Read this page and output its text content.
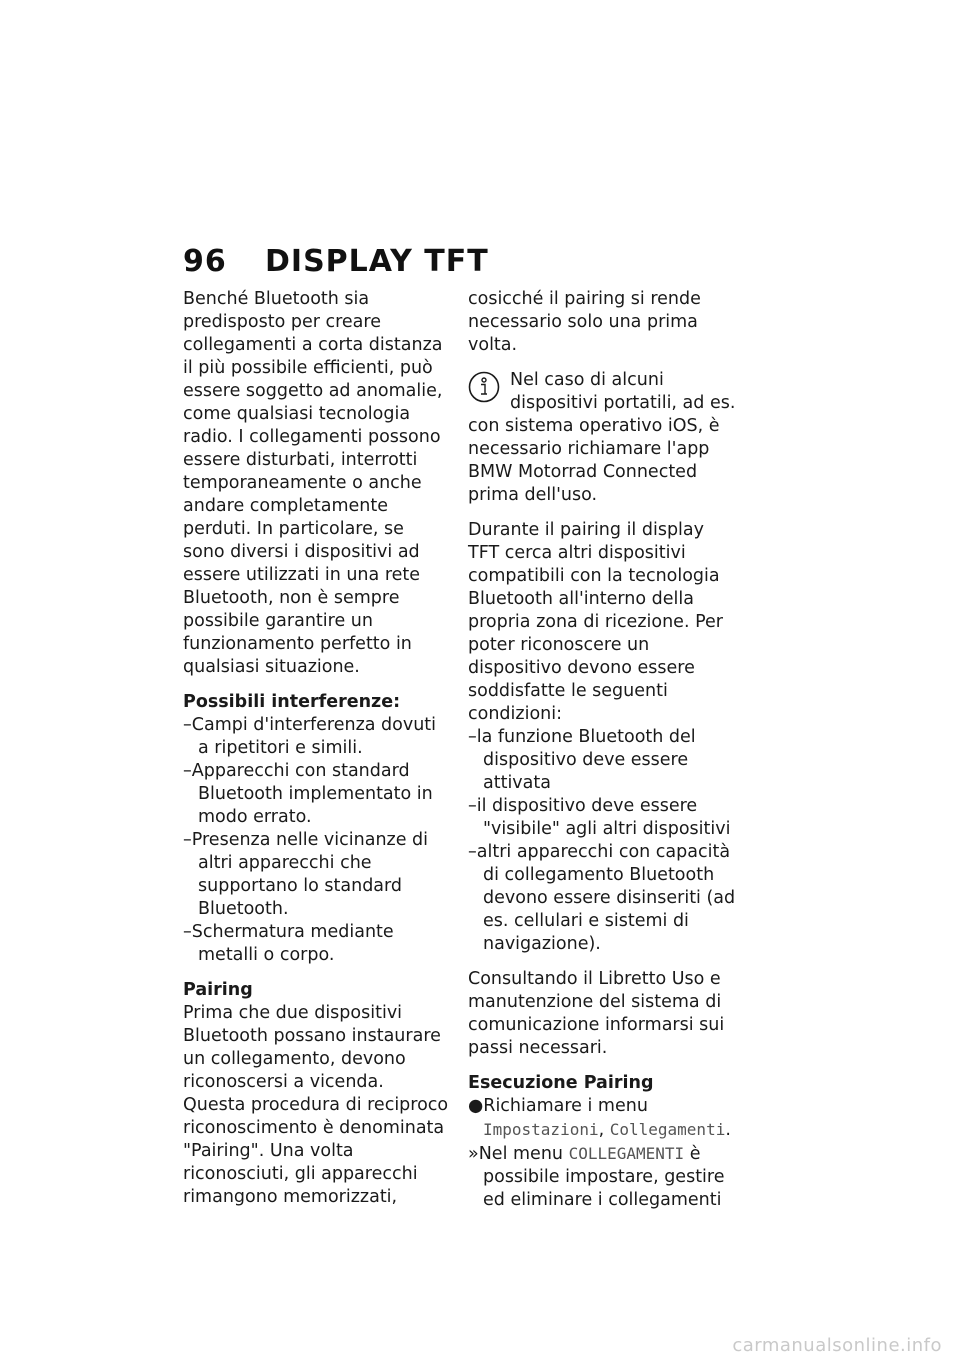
96 DISPLAY TFT

Benché Bluetooth sia predisposto per creare collegamenti a corta distanza il più possibile efficienti, può essere soggetto ad anomalie, come qualsiasi tecnologia radio. I collegamenti possono essere disturbati, interrotti temporaneamente o anche andare completamente perduti. In particolare, se sono diversi i dispositivi ad essere utilizzati in una rete Bluetooth, non è sempre possibile garantire un funzionamento perfetto in qualsiasi situazione.

Possibili interferenze:

–Campi d'interferenza dovuti a ripetitori e simili.
–Apparecchi con standard Bluetooth implementato in modo errato.
–Presenza nelle vicinanze di altri apparecchi che supportano lo standard Bluetooth.
–Schermatura mediante metalli o corpo.

Pairing

Prima che due dispositivi Bluetooth possano instaurare un collegamento, devono riconoscersi a vicenda. Questa procedura di reciproco riconoscimento è denominata "Pairing". Una volta riconosciuti, gli apparecchi rimangono memorizzati,

cosicché il pairing si rende necessario solo una prima volta.

Nel caso di alcuni dispositivi portatili, ad es.

con sistema operativo iOS, è necessario richiamare l'app BMW Motorrad Connected prima dell'uso.

Durante il pairing il display TFT cerca altri dispositivi compatibili con la tecnologia Bluetooth all'interno della propria zona di ricezione. Per poter riconoscere un dispositivo devono essere soddisfatte le seguenti condizioni:

–la funzione Bluetooth del dispositivo deve essere attivata
–il dispositivo deve essere "visibile" agli altri dispositivi
–altri apparecchi con capacità di collegamento Bluetooth devono essere disinseriti (ad es. cellulari e sistemi di navigazione).

Consultando il Libretto Uso e manutenzione del sistema di comunicazione informarsi sui passi necessari.

Esecuzione Pairing

●Richiamare i menu Impostazioni, Collegamenti.
»Nel menu COLLEGAMENTI è possibile impostare, gestire ed eliminare i collegamenti
carmanualsonline.info
